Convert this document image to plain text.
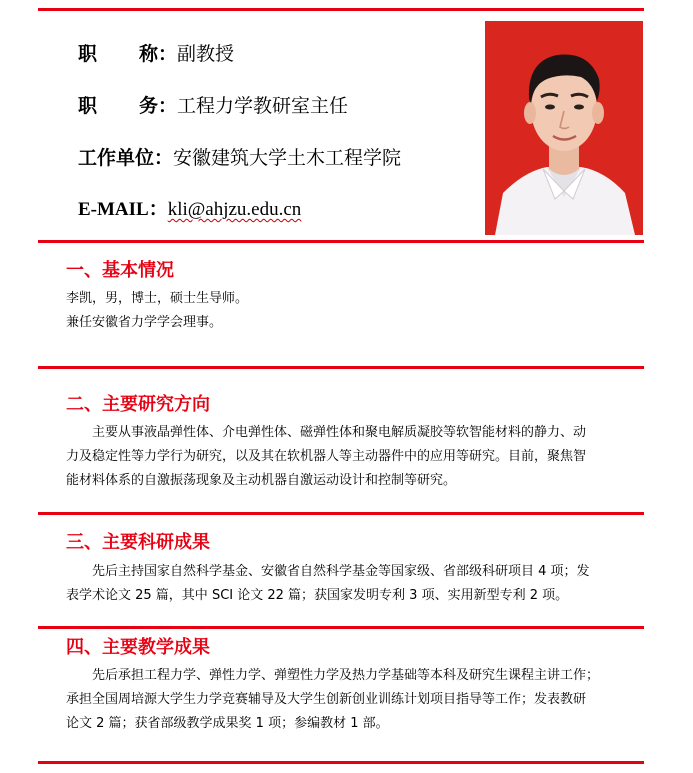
职 称：副教授
职 务：工程力学教研室主任
工作单位：安徽建筑大学土木工程学院
E-MAIL：kli@ahjzu.edu.cn
一、基本情况

李凯，男，博士，硕士生导师。

兼任安徽省力学学会理事。

二、主要研究方向

　　主要从事液晶弹性体、介电弹性体、磁弹性体和聚电解质凝胶等软智能材料的静力、动

力及稳定性等力学行为研究，以及其在软机器人等主动器件中的应用等研究。目前，聚焦智

能材料体系的自激振荡现象及主动机器自激运动设计和控制等研究。

三、主要科研成果

　　先后主持国家自然科学基金、安徽省自然科学基金等国家级、省部级科研项目 4 项；发

表学术论文 25 篇，其中 SCI 论文 22 篇；获国家发明专利 3 项、实用新型专利 2 项。

四、主要教学成果

　　先后承担工程力学、弹性力学、弹塑性力学及热力学基础等本科及研究生课程主讲工作；

承担全国周培源大学生力学竞赛辅导及大学生创新创业训练计划项目指导等工作；发表教研

论文 2 篇；获省部级教学成果奖 1 项；参编教材 1 部。
